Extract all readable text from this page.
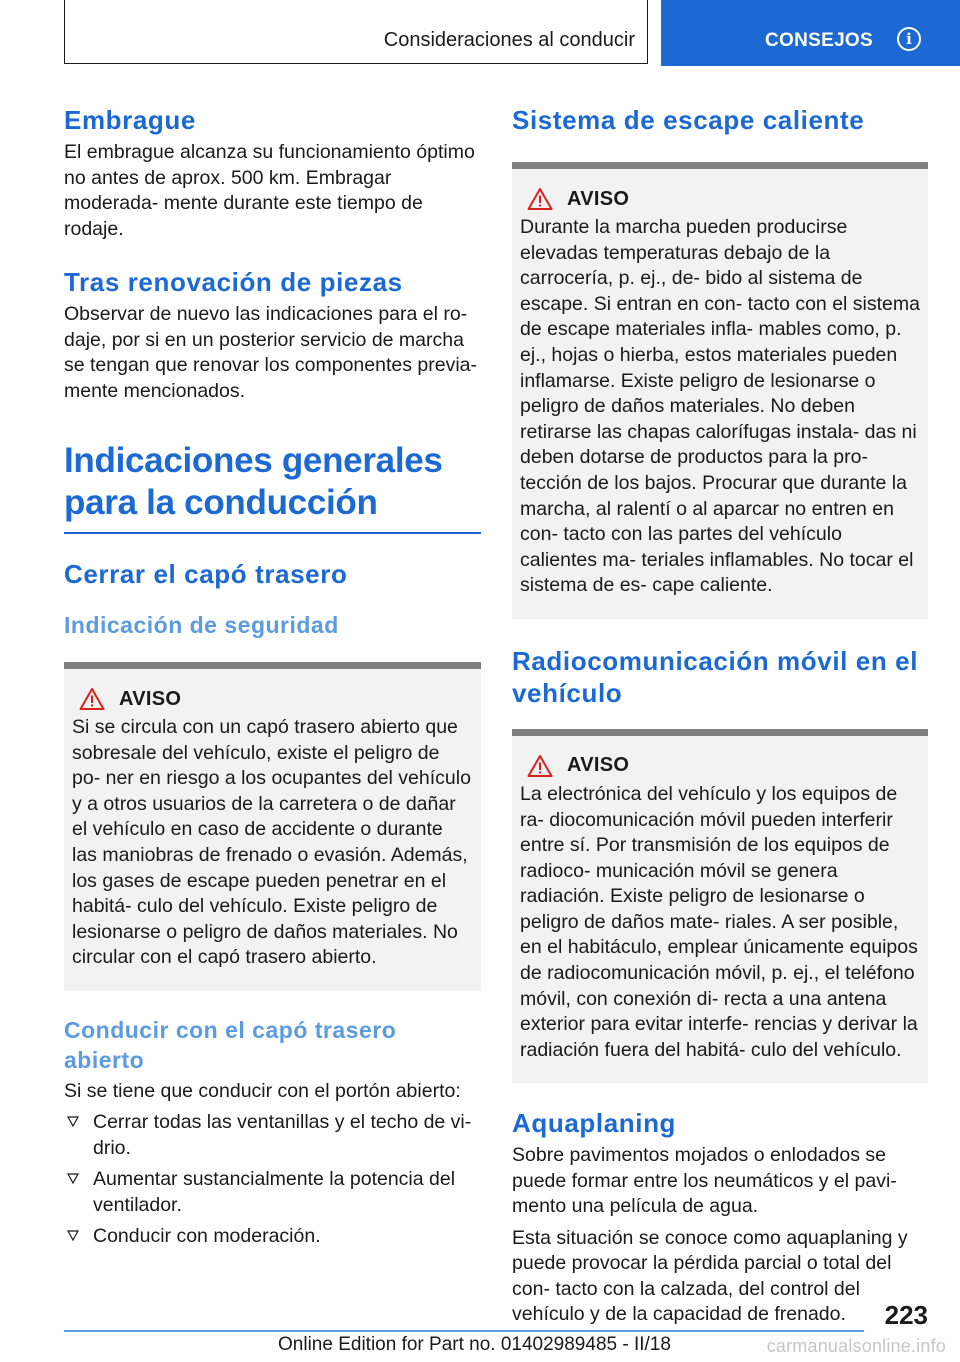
Consideraciones al conducir	CONSEJOS	i
Embrague

El embrague alcanza su funcionamiento óptimo no antes de aprox. 500 km. Embragar moderada‐ mente durante este tiempo de rodaje.

Tras renovación de piezas

Observar de nuevo las indicaciones para el ro‐ daje, por si en un posterior servicio de marcha se tengan que renovar los componentes previa‐ mente mencionados.

Indicaciones generales
para la conducción
Cerrar el capó trasero
Indicación de seguridad
AVISO

Si se circula con un capó trasero abierto que sobresale del vehículo, existe el peligro de po‐ ner en riesgo a los ocupantes del vehículo y a otros usuarios de la carretera o de dañar el vehículo en caso de accidente o durante las maniobras de frenado o evasión. Además, los gases de escape pueden penetrar en el habitá‐ culo del vehículo. Existe peligro de lesionarse o peligro de daños materiales. No circular con el capó trasero abierto.

Conducir con el capó trasero abierto

Si se tiene que conducir con el portón abierto:

Cerrar todas las ventanillas y el techo de vi‐ drio.
Aumentar sustancialmente la potencia del ventilador.
Conducir con moderación.
Sistema de escape caliente
AVISO

Durante la marcha pueden producirse elevadas temperaturas debajo de la carrocería, p. ej., de‐ bido al sistema de escape. Si entran en con‐ tacto con el sistema de escape materiales infla‐ mables como, p. ej., hojas o hierba, estos materiales pueden inflamarse. Existe peligro de lesionarse o peligro de daños materiales. No deben retirarse las chapas calorífugas instala‐ das ni deben dotarse de productos para la pro‐ tección de los bajos. Procurar que durante la marcha, al ralentí o al aparcar no entren en con‐ tacto con las partes del vehículo calientes ma‐ teriales inflamables. No tocar el sistema de es‐ cape caliente.

Radiocomunicación móvil en el vehículo
AVISO

La electrónica del vehículo y los equipos de ra‐ diocomunicación móvil pueden interferir entre sí. Por transmisión de los equipos de radioco‐ municación móvil se genera radiación. Existe peligro de lesionarse o peligro de daños mate‐ riales. A ser posible, en el habitáculo, emplear únicamente equipos de radiocomunicación móvil, p. ej., el teléfono móvil, con conexión di‐ recta a una antena exterior para evitar interfe‐ rencias y derivar la radiación fuera del habitá‐ culo del vehículo.

Aquaplaning

Sobre pavimentos mojados o enlodados se puede formar entre los neumáticos y el pavi‐ mento una película de agua.

Esta situación se conoce como aquaplaning y puede provocar la pérdida parcial o total del con‐ tacto con la calzada, del control del vehículo y de la capacidad de frenado.	223
Online Edition for Part no. 01402989485 - II/18	carmanualsonline.info
